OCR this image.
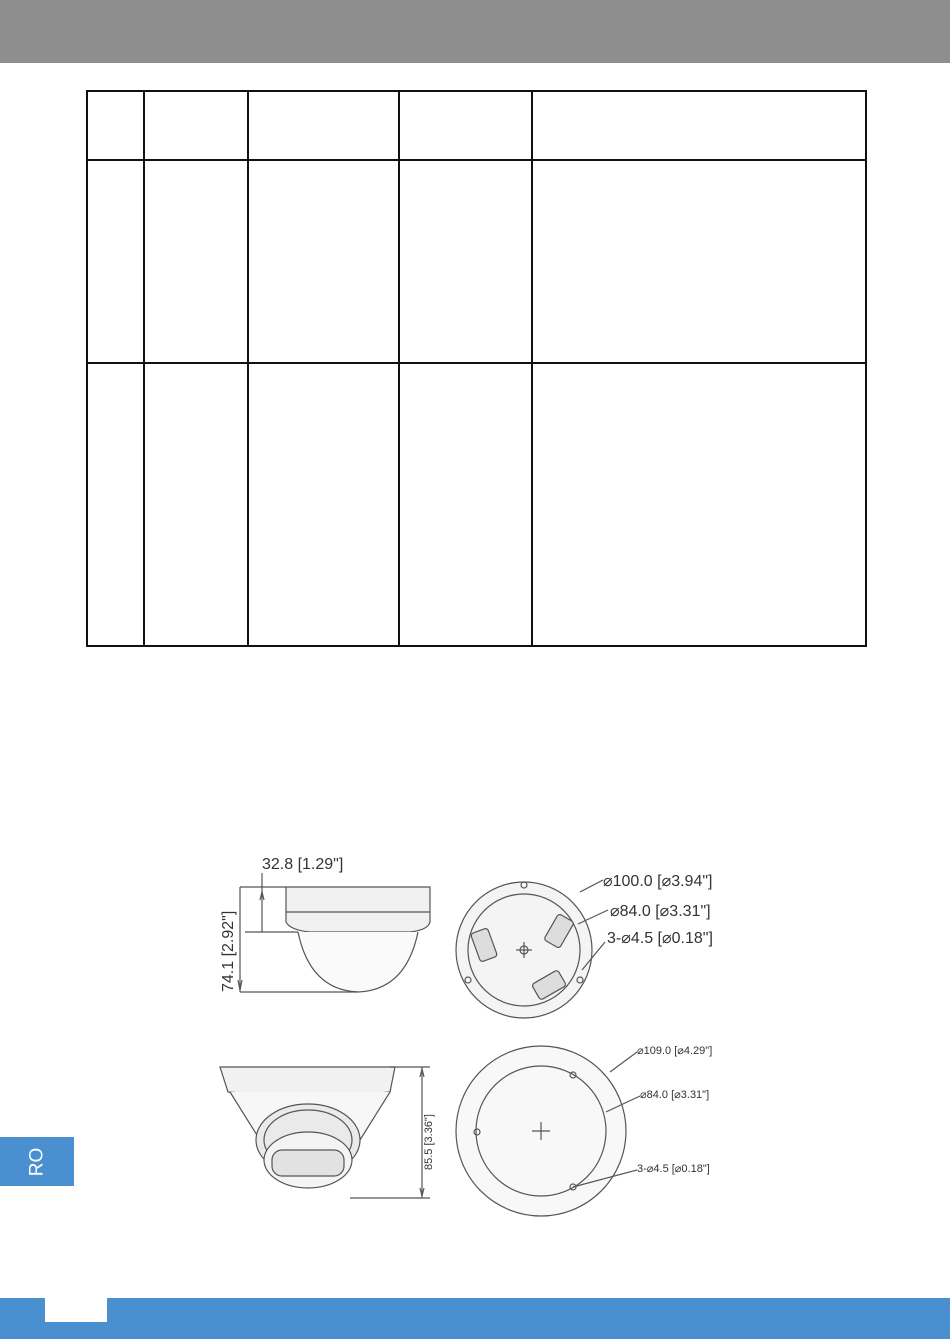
32.8 [1.29"]
74.1 [2.92"]
⌀100.0 [⌀3.94"]
⌀84.0 [⌀3.31"]
3-⌀4.5 [⌀0.18"]
85.5 [3.36"]
⌀109.0 [⌀4.29"]
⌀84.0 [⌀3.31"]
3-⌀4.5 [⌀0.18"]
RO
